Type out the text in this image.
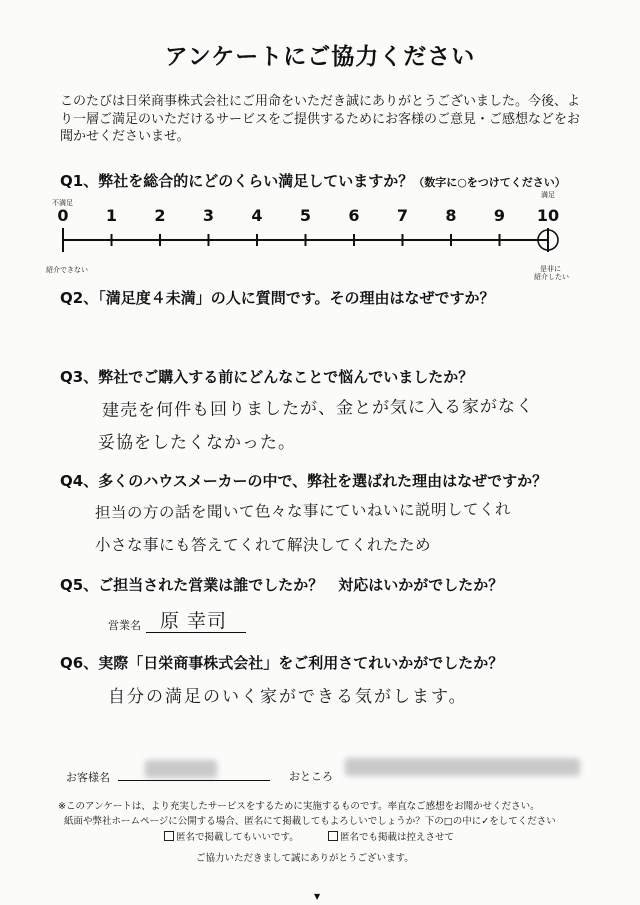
アンケートにご協力ください
このたびは日栄商事株式会社にご用命をいただき誠にありがとうございました。今後、より一層ご満足のいただけるサービスをご提供するためにお客様のご意見・ご感想などをお聞かせくださいませ。
Q1、弊社を総合的にどのくらい満足していますか？（数字に○をつけてください）
不満足
満足
0	1	2	3	4	5	6	7	8	9	10
紹介できない	是非に
紹介したい
Q2、「満足度４未満」の人に質問です。その理由はなぜですか？
Q3、弊社でご購入する前にどんなことで悩んでいましたか？
建売を何件も回りましたが、金とが気に入る家がなく
妥協をしたくなかった。
Q4、多くのハウスメーカーの中で、弊社を選ばれた理由はなぜですか？
担当の方の話を聞いて色々な事にていねいに説明してくれ
小さな事にも答えてくれて解決してくれたため
Q5、ご担当された営業は誰でしたか？　対応はいかがでしたか？
営業名 原 幸司
Q6、実際「日栄商事株式会社」をご利用さてれいかがでしたか？
自分の満足のいく家ができる気がします。
お客様名	おところ
※このアンケートは、より充実したサービスをするために実施するものです。率直なご感想をお聞かせください。
紙面や弊社ホームページに公開する場合、匿名にて掲載してもよろしいでしょうか？下の□の中に✓をしてください
匿名で掲載してもいいです。	匿名でも掲載は控えさせて
ご協力いただきまして誠にありがとうございます。
▼
